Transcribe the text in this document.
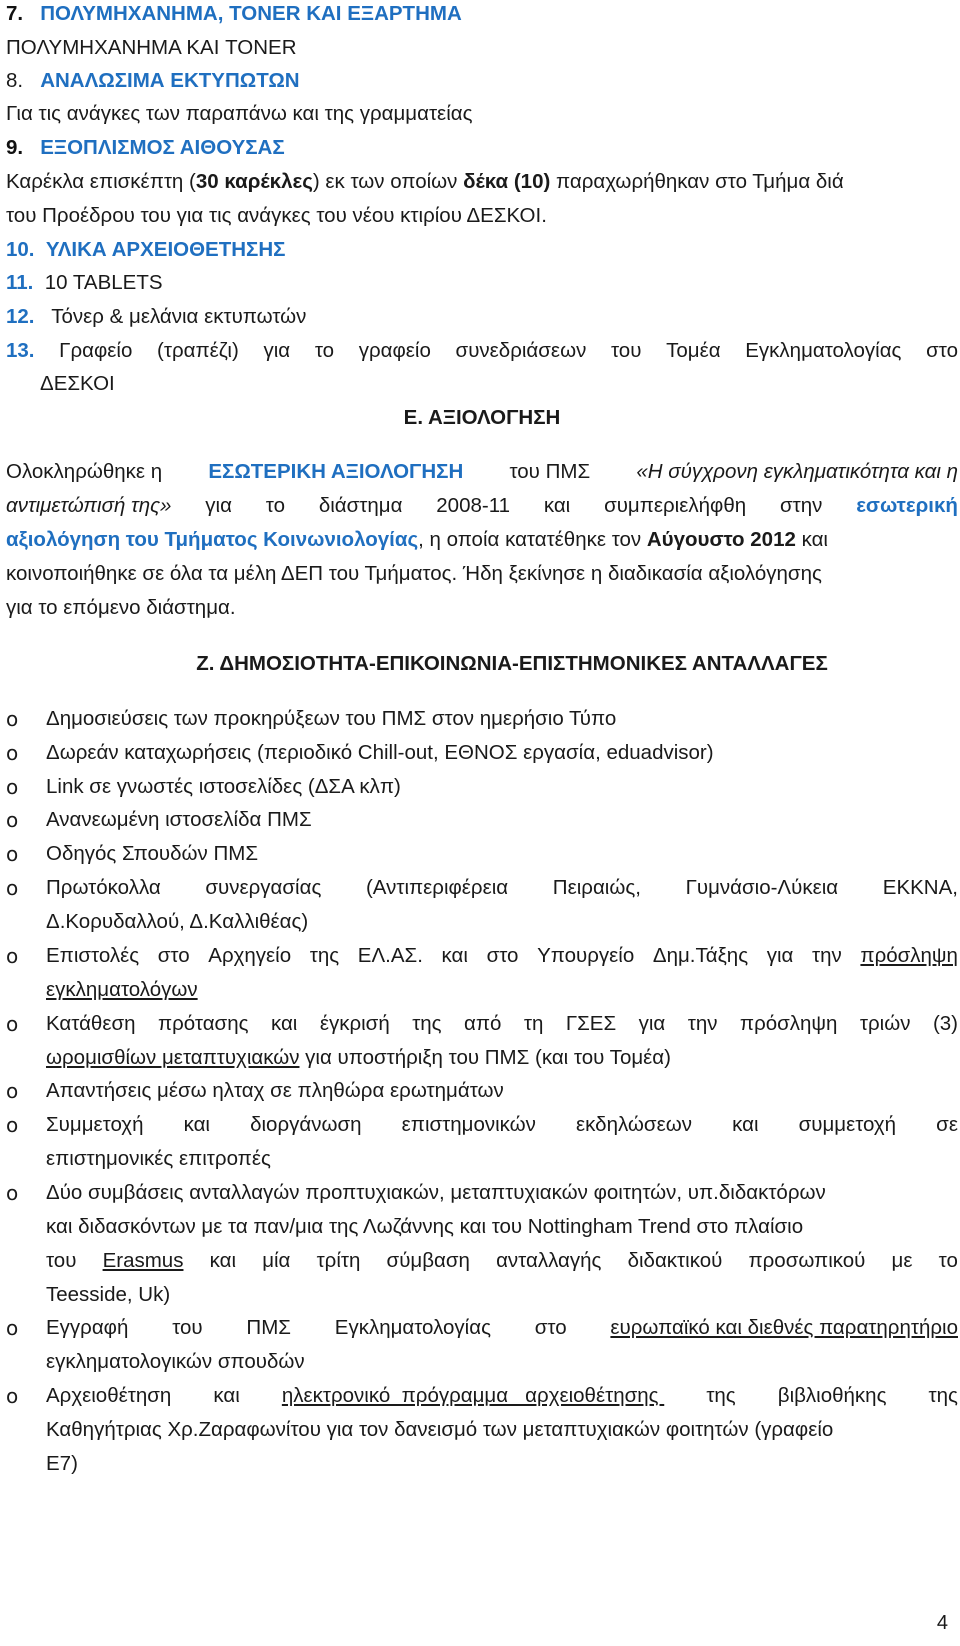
7. ΠΟΛΥΜΗΧΑΝΗΜΑ, ΤΟΝΕR ΚΑΙ ΕΞΑΡΤΗΜΑ
ΠΟΛΥΜΗΧΑΝΗΜΑ ΚΑΙ TONER
8. ΑΝΑΛΩΣΙΜΑ ΕΚΤΥΠΩΤΩΝ
Για τις ανάγκες των παραπάνω και της γραμματείας
9. ΕΞΟΠΛΙΣΜΟΣ ΑΙΘΟΥΣΑΣ
Καρέκλα επισκέπτη (30 καρέκλες) εκ των οποίων δέκα (10) παραχωρήθηκαν στο Τμήμα διά
του Προέδρου του για τις ανάγκες του νέου κτιρίου ΔΕΣΚΟΙ.
10. ΥΛΙΚΑ ΑΡΧΕΙΟΘΕΤΗΣΗΣ
11. 10 TABLETS
12. Τόνερ & μελάνια εκτυπωτών
13. Γραφείο (τραπέζι) για το γραφείο συνεδριάσεων του Τομέα Εγκληματολογίας στο
ΔΕΣΚΟΙ
Ε. ΑΞΙΟΛΟΓΗΣΗ
Ολοκληρώθηκε η ΕΣΩΤΕΡΙΚΗ ΑΞΙΟΛΟΓΗΣΗ του ΠΜΣ «Η σύγχρονη εγκληματικότητα και η
αντιμετώπισή της» για το διάστημα 2008-11 και συμπεριελήφθη στην εσωτερική
αξιολόγηση του Τμήματος Κοινωνιολογίας, η οποία κατατέθηκε τον Αύγουστο 2012 και
κοινοποιήθηκε σε όλα τα μέλη ΔΕΠ του Τμήματος. Ήδη ξεκίνησε η διαδικασία αξιολόγησης
για το επόμενο διάστημα.
Ζ. ΔΗΜΟΣΙΟΤΗΤΑ-ΕΠΙΚΟΙΝΩΝΙΑ-ΕΠΙΣΤΗΜΟΝΙΚΕΣ ΑΝΤΑΛΛΑΓΕΣ
o Δημοσιεύσεις των προκηρύξεων του ΠΜΣ στον ημερήσιο Τύπο
o Δωρεάν καταχωρήσεις (περιοδικό Chill-out, ΕΘΝΟΣ εργασία, eduadvisor)
o Link σε γνωστές ιστοσελίδες (ΔΣΑ κλπ)
o Ανανεωμένη ιστοσελίδα ΠΜΣ
o Οδηγός Σπουδών ΠΜΣ
o Πρωτόκολλα συνεργασίας (Αντιπεριφέρεια Πειραιώς, Γυμνάσιο-Λύκεια ΕΚΚΝΑ,
Δ.Κορυδαλλού, Δ.Καλλιθέας)
o Επιστολές στο Αρχηγείο της ΕΛ.ΑΣ. και στο Υπουργείο Δημ.Τάξης για την πρόσληψη
εγκληματολόγων
o Κατάθεση πρότασης και έγκρισή της από τη ΓΣΕΣ για την πρόσληψη τριών (3)
ωρομισθίων μεταπτυχιακών για υποστήριξη του ΠΜΣ (και του Τομέα)
o Απαντήσεις μέσω ηλταχ σε πληθώρα ερωτημάτων
o Συμμετοχή και διοργάνωση επιστημονικών εκδηλώσεων και συμμετοχή σε
επιστημονικές επιτροπές
o Δύο συμβάσεις ανταλλαγών προπτυχιακών, μεταπτυχιακών φοιτητών, υπ.διδακτόρων
και διδασκόντων με τα παν/μια της Λωζάννης και του Nottingham Trend στο πλαίσιο
του Erasmus και μία τρίτη σύμβαση ανταλλαγής διδακτικού προσωπικού με το
Teesside, Uk)
o Εγγραφή του ΠΜΣ Εγκληματολογίας στο ευρωπαϊκό και διεθνές παρατηρητήριο
εγκληματολογικών σπουδών
o Αρχειοθέτηση και ηλεκτρονικό  πρόγραμμα   αρχειοθέτησης της βιβλιοθήκης της
Καθηγήτριας Χρ.Ζαραφωνίτου για τον δανεισμό των μεταπτυχιακών φοιτητών (γραφείο
Ε7)
4
